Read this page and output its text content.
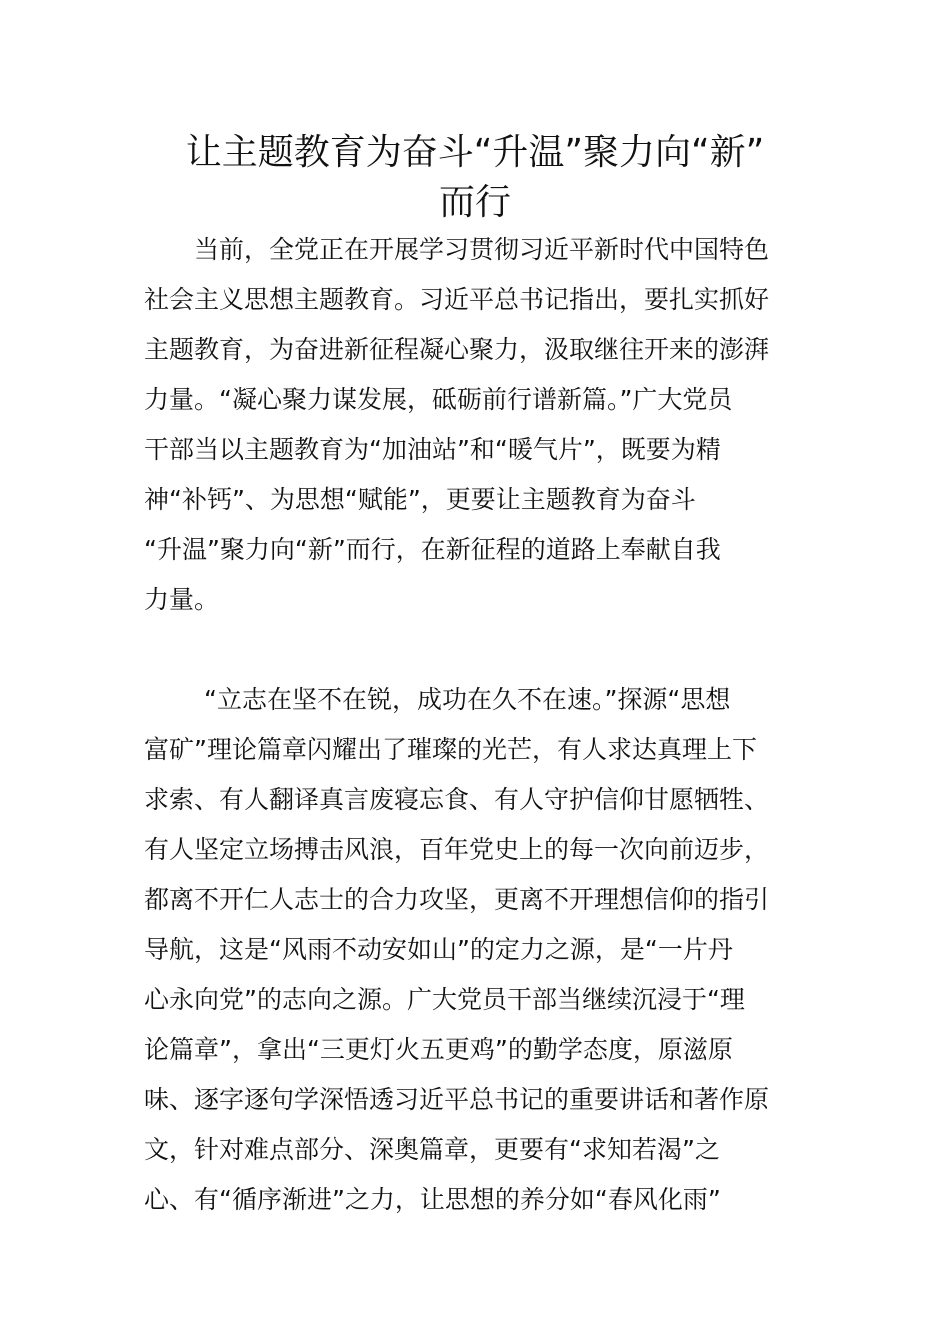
让主题教育为奋斗“升温”聚力向“新”
而行
当前，全党正在开展学习贯彻习近平新时代中国特色
社会主义思想主题教育。习近平总书记指出，要扎实抓好
主题教育，为奋进新征程凝心聚力，汲取继往开来的澎湃
力量。“凝心聚力谋发展，砥砺前行谱新篇。”广大党员
干部当以主题教育为“加油站”和“暖气片”，既要为精
神“补钙”、为思想“赋能”，更要让主题教育为奋斗
“升温”聚力向“新”而行，在新征程的道路上奉献自我
力量。
“立志在坚不在锐，成功在久不在速。”探源“思想
富矿”理论篇章闪耀出了璀璨的光芒，有人求达真理上下
求索、有人翻译真言废寝忘食、有人守护信仰甘愿牺牲、
有人坚定立场搏击风浪，百年党史上的每一次向前迈步，
都离不开仁人志士的合力攻坚，更离不开理想信仰的指引
导航，这是“风雨不动安如山”的定力之源，是“一片丹
心永向党”的志向之源。广大党员干部当继续沉浸于“理
论篇章”，拿出“三更灯火五更鸡”的勤学态度，原滋原
味、逐字逐句学深悟透习近平总书记的重要讲话和著作原
文，针对难点部分、深奥篇章，更要有“求知若渴”之
心、有“循序渐进”之力，让思想的养分如“春风化雨”
